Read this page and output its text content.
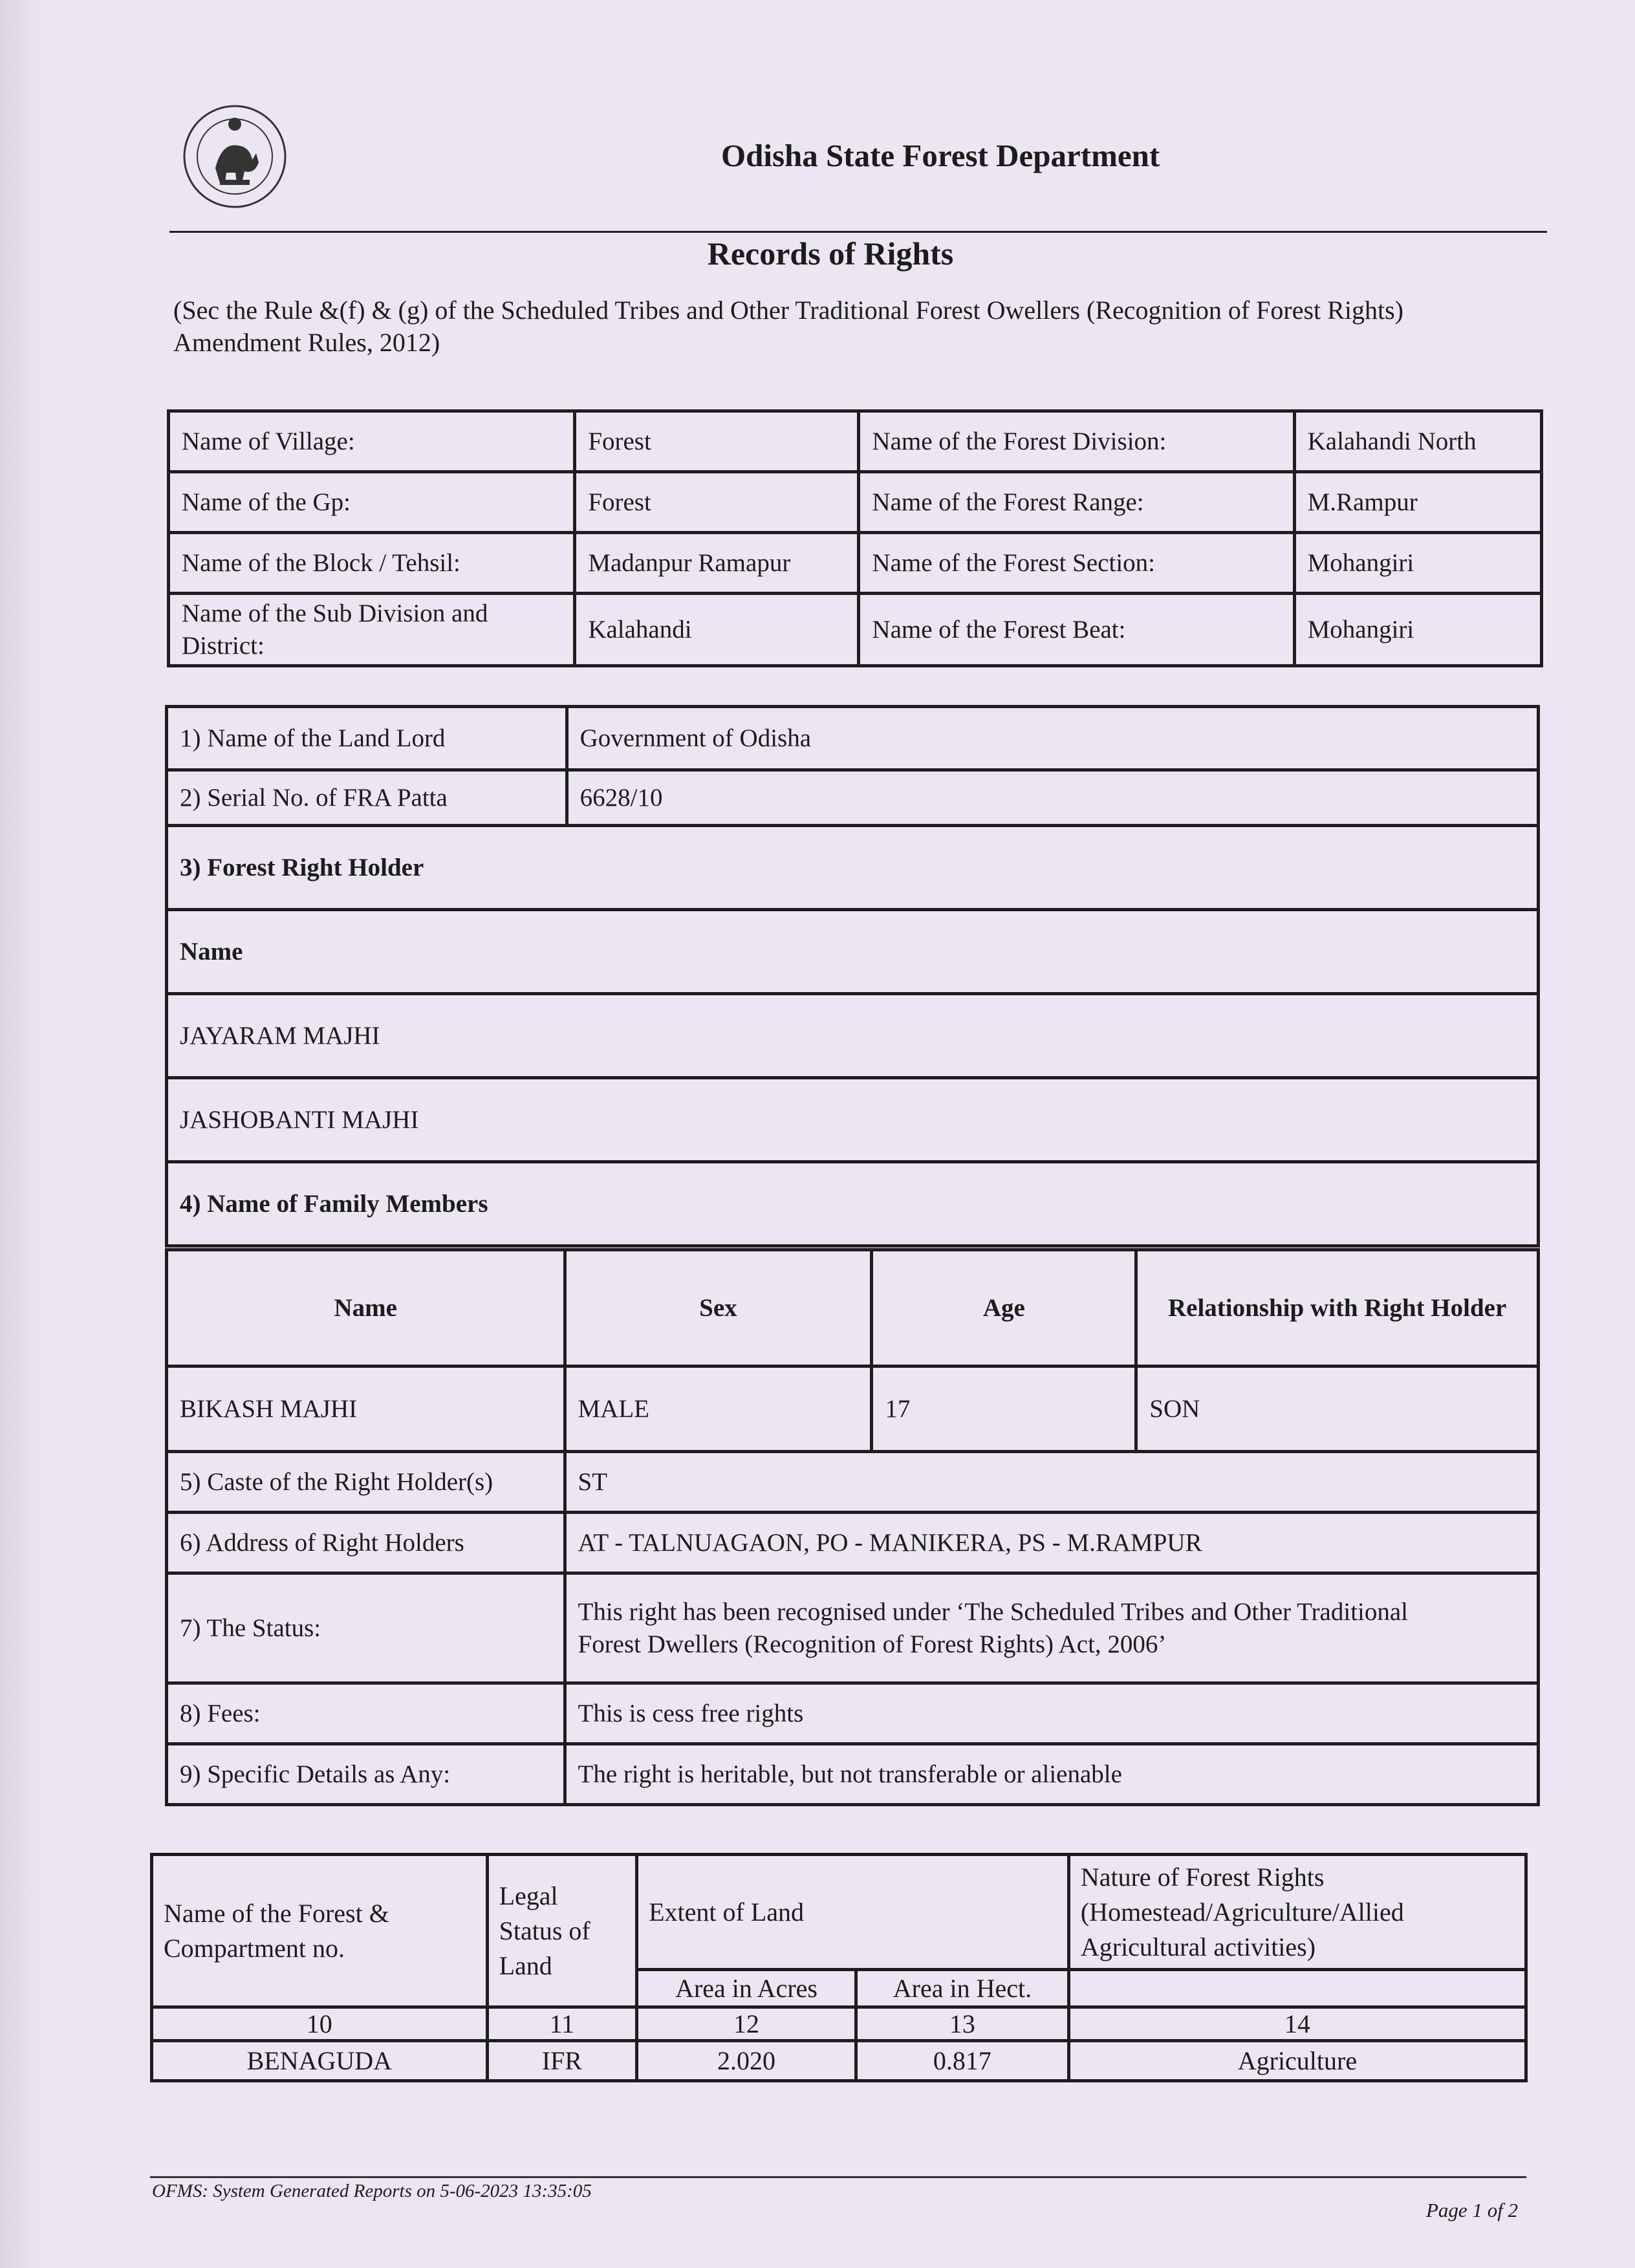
Odisha State Forest Department
Records of Rights
(Sec the Rule &(f) & (g) of the Scheduled Tribes and Other Traditional Forest Owellers (Recognition of Forest Rights) Amendment Rules, 2012)
Name of Village:	Forest	Name of the Forest Division:	Kalahandi North
Name of the Gp:	Forest	Name of the Forest Range:	M.Rampur
Name of the Block / Tehsil:	Madanpur Ramapur	Name of the Forest Section:	Mohangiri
Name of the Sub Division and District:	Kalahandi	Name of the Forest Beat:	Mohangiri
1) Name of the Land Lord	Government of Odisha
2) Serial No. of FRA Patta	6628/10
3) Forest Right Holder	
Name	
JAYARAM MAJHI	
JASHOBANTI MAJHI	
4) Name of Family Members	
Name	Sex	Age	Relationship with Right Holder
BIKASH MAJHI	MALE	17	SON
5) Caste of the Right Holder(s)	ST		
6) Address of Right Holders	AT - TALNUAGAON, PO - MANIKERA, PS - M.RAMPUR		
7) The Status:	This right has been recognised under ‘The Scheduled Tribes and Other Traditional
Forest Dwellers (Recognition of Forest Rights) Act, 2006’		

8) Fees:	This is cess free rights		
9) Specific Details as Any:	The right is heritable, but not transferable or alienable		
Name of the Forest & Compartment no.	Legal Status of Land	Extent of Land		Nature of Forest Rights (Homestead/Agriculture/Allied Agricultural activities)
		Area in Acres	Area in Hect.	
10	11	12	13	14
BENAGUDA	IFR	2.020	0.817	Agriculture
OFMS: System Generated Reports on 5-06-2023 13:35:05
Page 1 of 2
